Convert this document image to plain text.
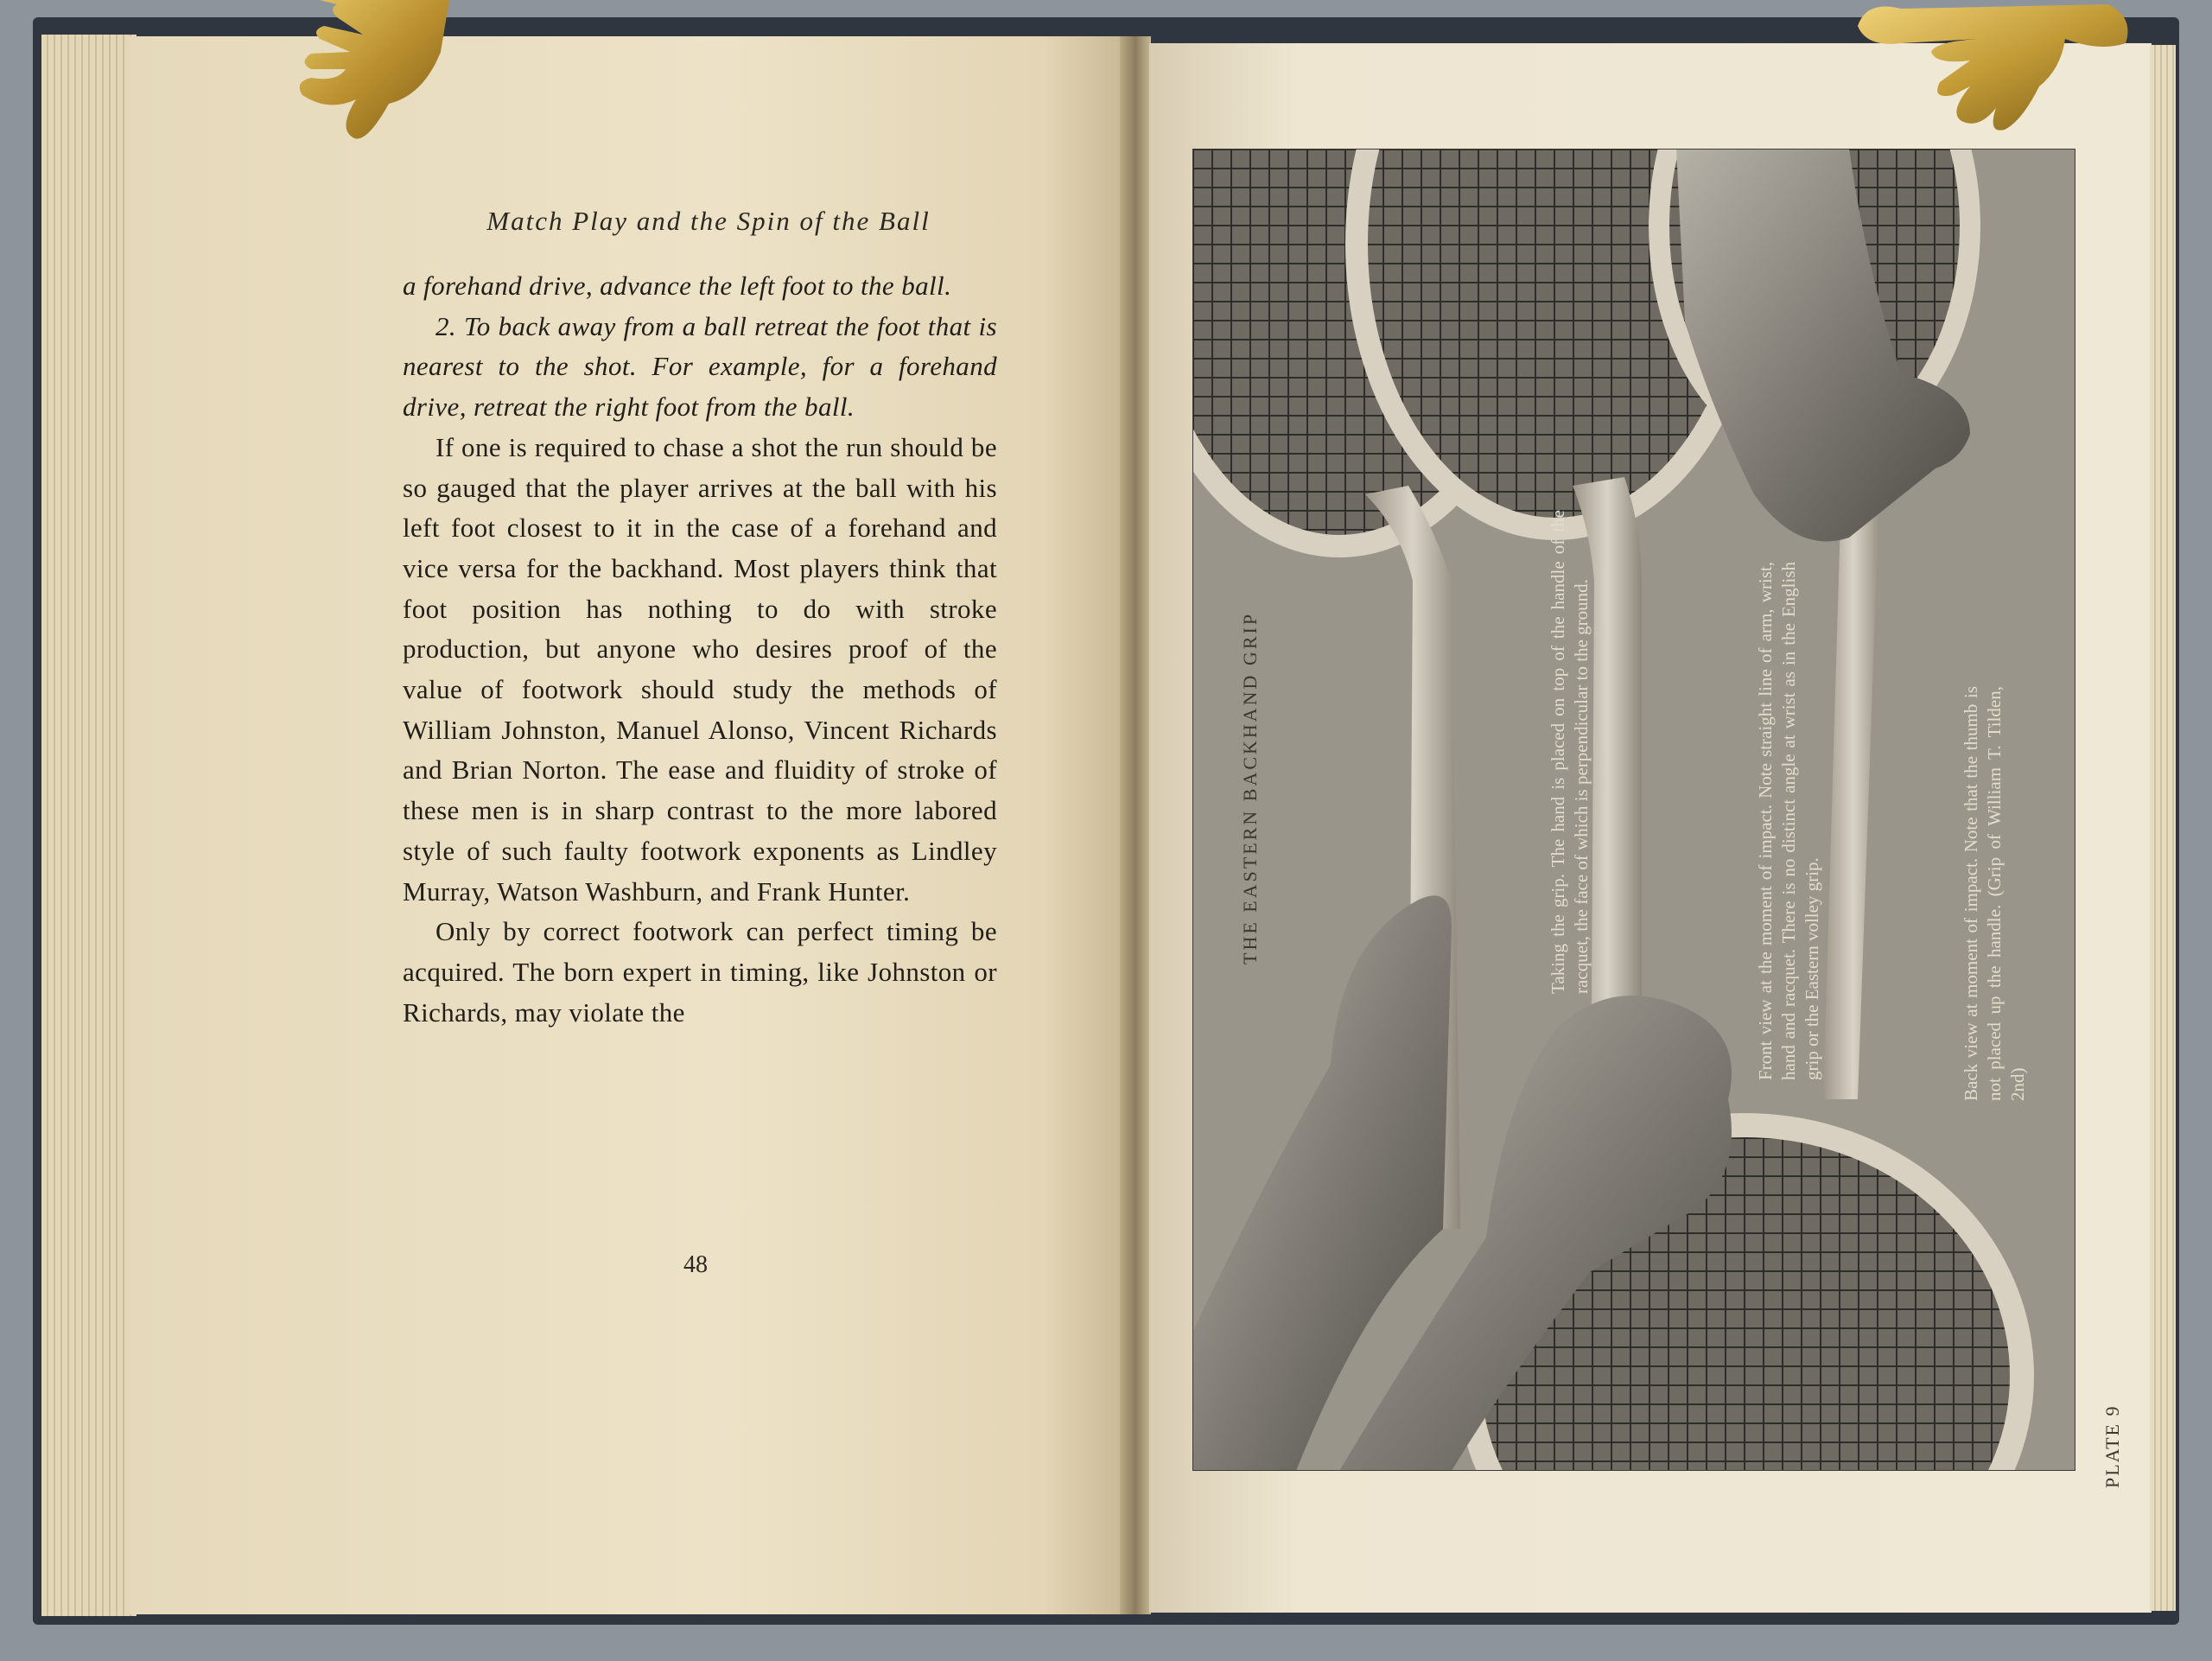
Match Play and the Spin of the Ball

a forehand drive, advance the left foot to the ball.

2. To back away from a ball retreat the foot that is nearest to the shot. For example, for a forehand drive, retreat the right foot from the ball.

If one is required to chase a shot the run should be so gauged that the player arrives at the ball with his left foot closest to it in the case of a forehand and vice versa for the backhand. Most players think that foot position has nothing to do with stroke production, but anyone who desires proof of the value of footwork should study the methods of William Johnston, Manuel Alonso, Vincent Richards and Brian Norton. The ease and fluidity of stroke of these men is in sharp contrast to the more labored style of such faulty footwork exponents as Lindley Murray, Watson Washburn, and Frank Hunter.

Only by correct footwork can perfect timing be acquired. The born expert in timing, like Johnston or Richards, may violate the

48
THE EASTERN BACKHAND GRIP	Taking the grip. The hand is placed on top of the handle of the racquet, the face of which is perpendicular to the ground.	Front view at the moment of impact. Note straight line of arm, wrist, hand and racquet. There is no distinct angle at wrist as in the English grip or the Eastern volley grip.	Back view at moment of impact. Note that the thumb is not placed up the handle. (Grip of William T. Tilden, 2nd)
PLATE 9
